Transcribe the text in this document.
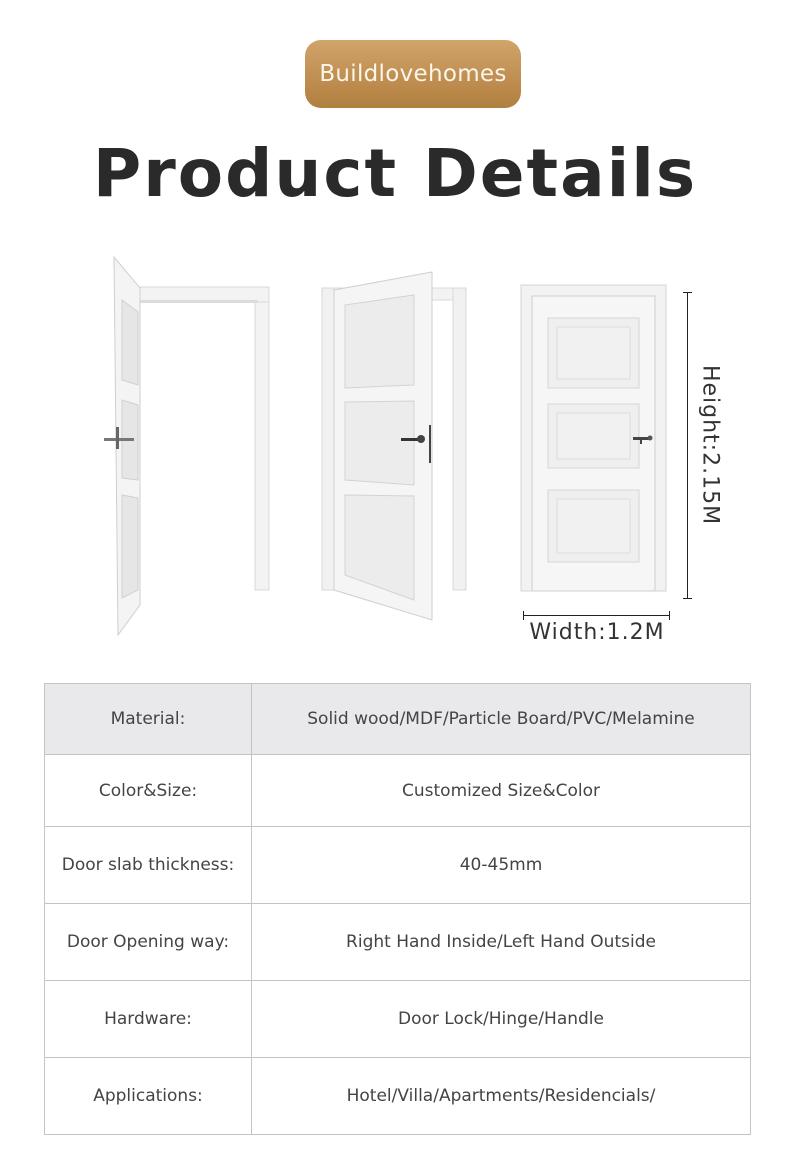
Buildlovehomes
Product Details
Height:2.15M
Width:1.2M
Material:	Solid wood/MDF/Particle Board/PVC/Melamine
Color&Size:	Customized Size&Color
Door slab thickness:	40-45mm
Door Opening way:	Right Hand Inside/Left Hand Outside
Hardware:	Door Lock/Hinge/Handle
Applications:	Hotel/Villa/Apartments/Residencials/
